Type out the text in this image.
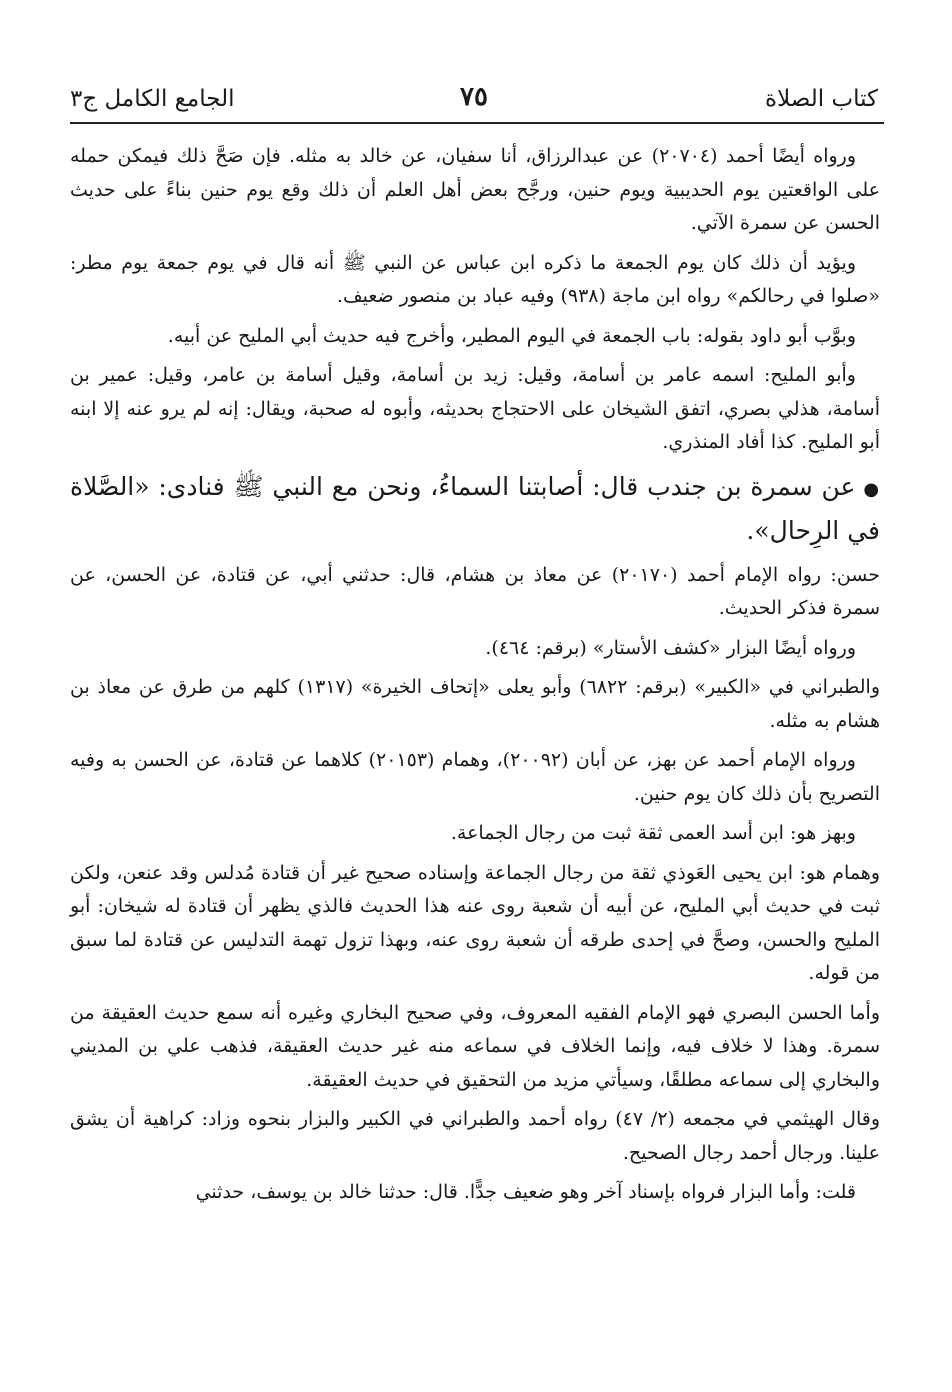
الجامع الكامل ج٣	٧٥	كتاب الصلاة

ورواه أيضًا أحمد (٢٠٧٠٤) عن عبدالرزاق، أنا سفيان، عن خالد به مثله. فإن صَحَّ ذلك فيمكن حمله على الواقعتين يوم الحديبية ويوم حنين، ورجَّح بعض أهل العلم أن ذلك وقع يوم حنين بناءً على حديث الحسن عن سمرة الآتي.

ويؤيد أن ذلك كان يوم الجمعة ما ذكره ابن عباس عن النبي ﷺ أنه قال في يوم جمعة يوم مطر: «صلوا في رحالكم» رواه ابن ماجة (٩٣٨) وفيه عباد بن منصور ضعيف.

وبوَّب أبو داود بقوله: باب الجمعة في اليوم المطير، وأخرج فيه حديث أبي المليح عن أبيه.

وأبو المليح: اسمه عامر بن أسامة، وقيل: زيد بن أسامة، وقيل أسامة بن عامر، وقيل: عمير بن أسامة، هذلي بصري، اتفق الشيخان على الاحتجاج بحديثه، وأبوه له صحبة، ويقال: إنه لم يرو عنه إلا ابنه أبو المليح. كذا أفاد المنذري.

●عن سمرة بن جندب قال: أصابتنا السماءُ، ونحن مع النبي ﷺ فنادى: «الصَّلاة في الرِحال».

حسن: رواه الإمام أحمد (٢٠١٧٠) عن معاذ بن هشام، قال: حدثني أبي، عن قتادة، عن الحسن، عن سمرة فذكر الحديث.

ورواه أيضًا البزار «كشف الأستار» (برقم: ٤٦٤).

والطبراني في «الكبير» (برقم: ٦٨٢٢) وأبو يعلى «إتحاف الخيرة» (١٣١٧) كلهم من طرق عن معاذ بن هشام به مثله.

ورواه الإمام أحمد عن بهز، عن أبان (٢٠٠٩٢)، وهمام (٢٠١٥٣) كلاهما عن قتادة، عن الحسن به وفيه التصريح بأن ذلك كان يوم حنين.

وبهز هو: ابن أسد العمى ثقة ثبت من رجال الجماعة.

وهمام هو: ابن يحيى العَوذي ثقة من رجال الجماعة وإسناده صحيح غير أن قتادة مُدلس وقد عنعن، ولكن ثبت في حديث أبي المليح، عن أبيه أن شعبة روى عنه هذا الحديث فالذي يظهر أن قتادة له شيخان: أبو المليح والحسن، وصحَّ في إحدى طرقه أن شعبة روى عنه، وبهذا تزول تهمة التدليس عن قتادة لما سبق من قوله.

وأما الحسن البصري فهو الإمام الفقيه المعروف، وفي صحيح البخاري وغيره أنه سمع حديث العقيقة من سمرة. وهذا لا خلاف فيه، وإنما الخلاف في سماعه منه غير حديث العقيقة، فذهب علي بن المديني والبخاري إلى سماعه مطلقًا، وسيأتي مزيد من التحقيق في حديث العقيقة.

وقال الهيثمي في مجمعه (٢/ ٤٧) رواه أحمد والطبراني في الكبير والبزار بنحوه وزاد: كراهية أن يشق علينا. ورجال أحمد رجال الصحيح.

قلت: وأما البزار فرواه بإسناد آخر وهو ضعيف جدًّا. قال: حدثنا خالد بن يوسف، حدثني
